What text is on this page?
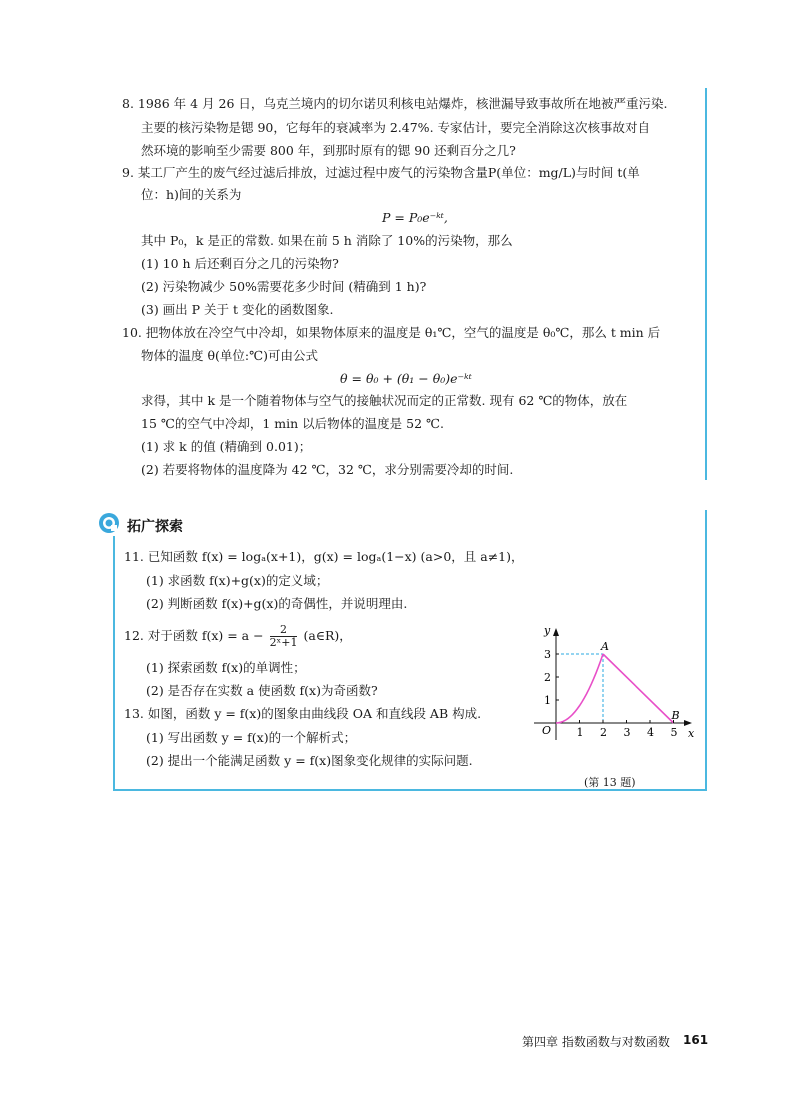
8. 1986 年 4 月 26 日，乌克兰境内的切尔诺贝利核电站爆炸，核泄漏导致事故所在地被严重污染.
主要的核污染物是锶 90，它每年的衰减率为 2.47%. 专家估计，要完全消除这次核事故对自
然环境的影响至少需要 800 年，到那时原有的锶 90 还剩百分之几?
9. 某工厂产生的废气经过滤后排放，过滤过程中废气的污染物含量P(单位：mg/L)与时间 t(单
位：h)间的关系为
P = P₀e⁻ᵏᵗ,
其中 P₀，k 是正的常数. 如果在前 5 h 消除了 10%的污染物，那么
(1) 10 h 后还剩百分之几的污染物?
(2) 污染物减少 50%需要花多少时间 (精确到 1 h)?
(3) 画出 P 关于 t 变化的函数图象.
10. 把物体放在冷空气中冷却，如果物体原来的温度是 θ₁℃，空气的温度是 θ₀℃，那么 t min 后
物体的温度 θ(单位:℃)可由公式
θ = θ₀ + (θ₁ − θ₀)e⁻ᵏᵗ
求得，其中 k 是一个随着物体与空气的接触状况而定的正常数. 现有 62 ℃的物体，放在
15 ℃的空气中冷却，1 min 以后物体的温度是 52 ℃.
(1) 求 k 的值 (精确到 0.01)；
(2) 若要将物体的温度降为 42 ℃，32 ℃，求分别需要冷却的时间.
拓广探索
11. 已知函数 f(x) = logₐ(x+1)，g(x) = logₐ(1−x) (a>0，且 a≠1)，
(1) 求函数 f(x)+g(x)的定义域；
(2) 判断函数 f(x)+g(x)的奇偶性，并说明理由.
12. 对于函数 $f(x) = a - \frac{2}{\text{2ˣ+1}}$ (a∈R)，
(1) 探索函数 f(x)的单调性；
(2) 是否存在实数 a 使函数 f(x)为奇函数?
13. 如图，函数 y = f(x)的图象由曲线段 OA 和直线段 AB 构成.
(1) 写出函数 y = f(x)的一个解析式；
(2) 提出一个能满足函数 y = f(x)图象变化规律的实际问题.
1 2 3 4 5
1
2
3
y
x
O
A
B
(第 13 题)
第四章 指数函数与对数函数 161
